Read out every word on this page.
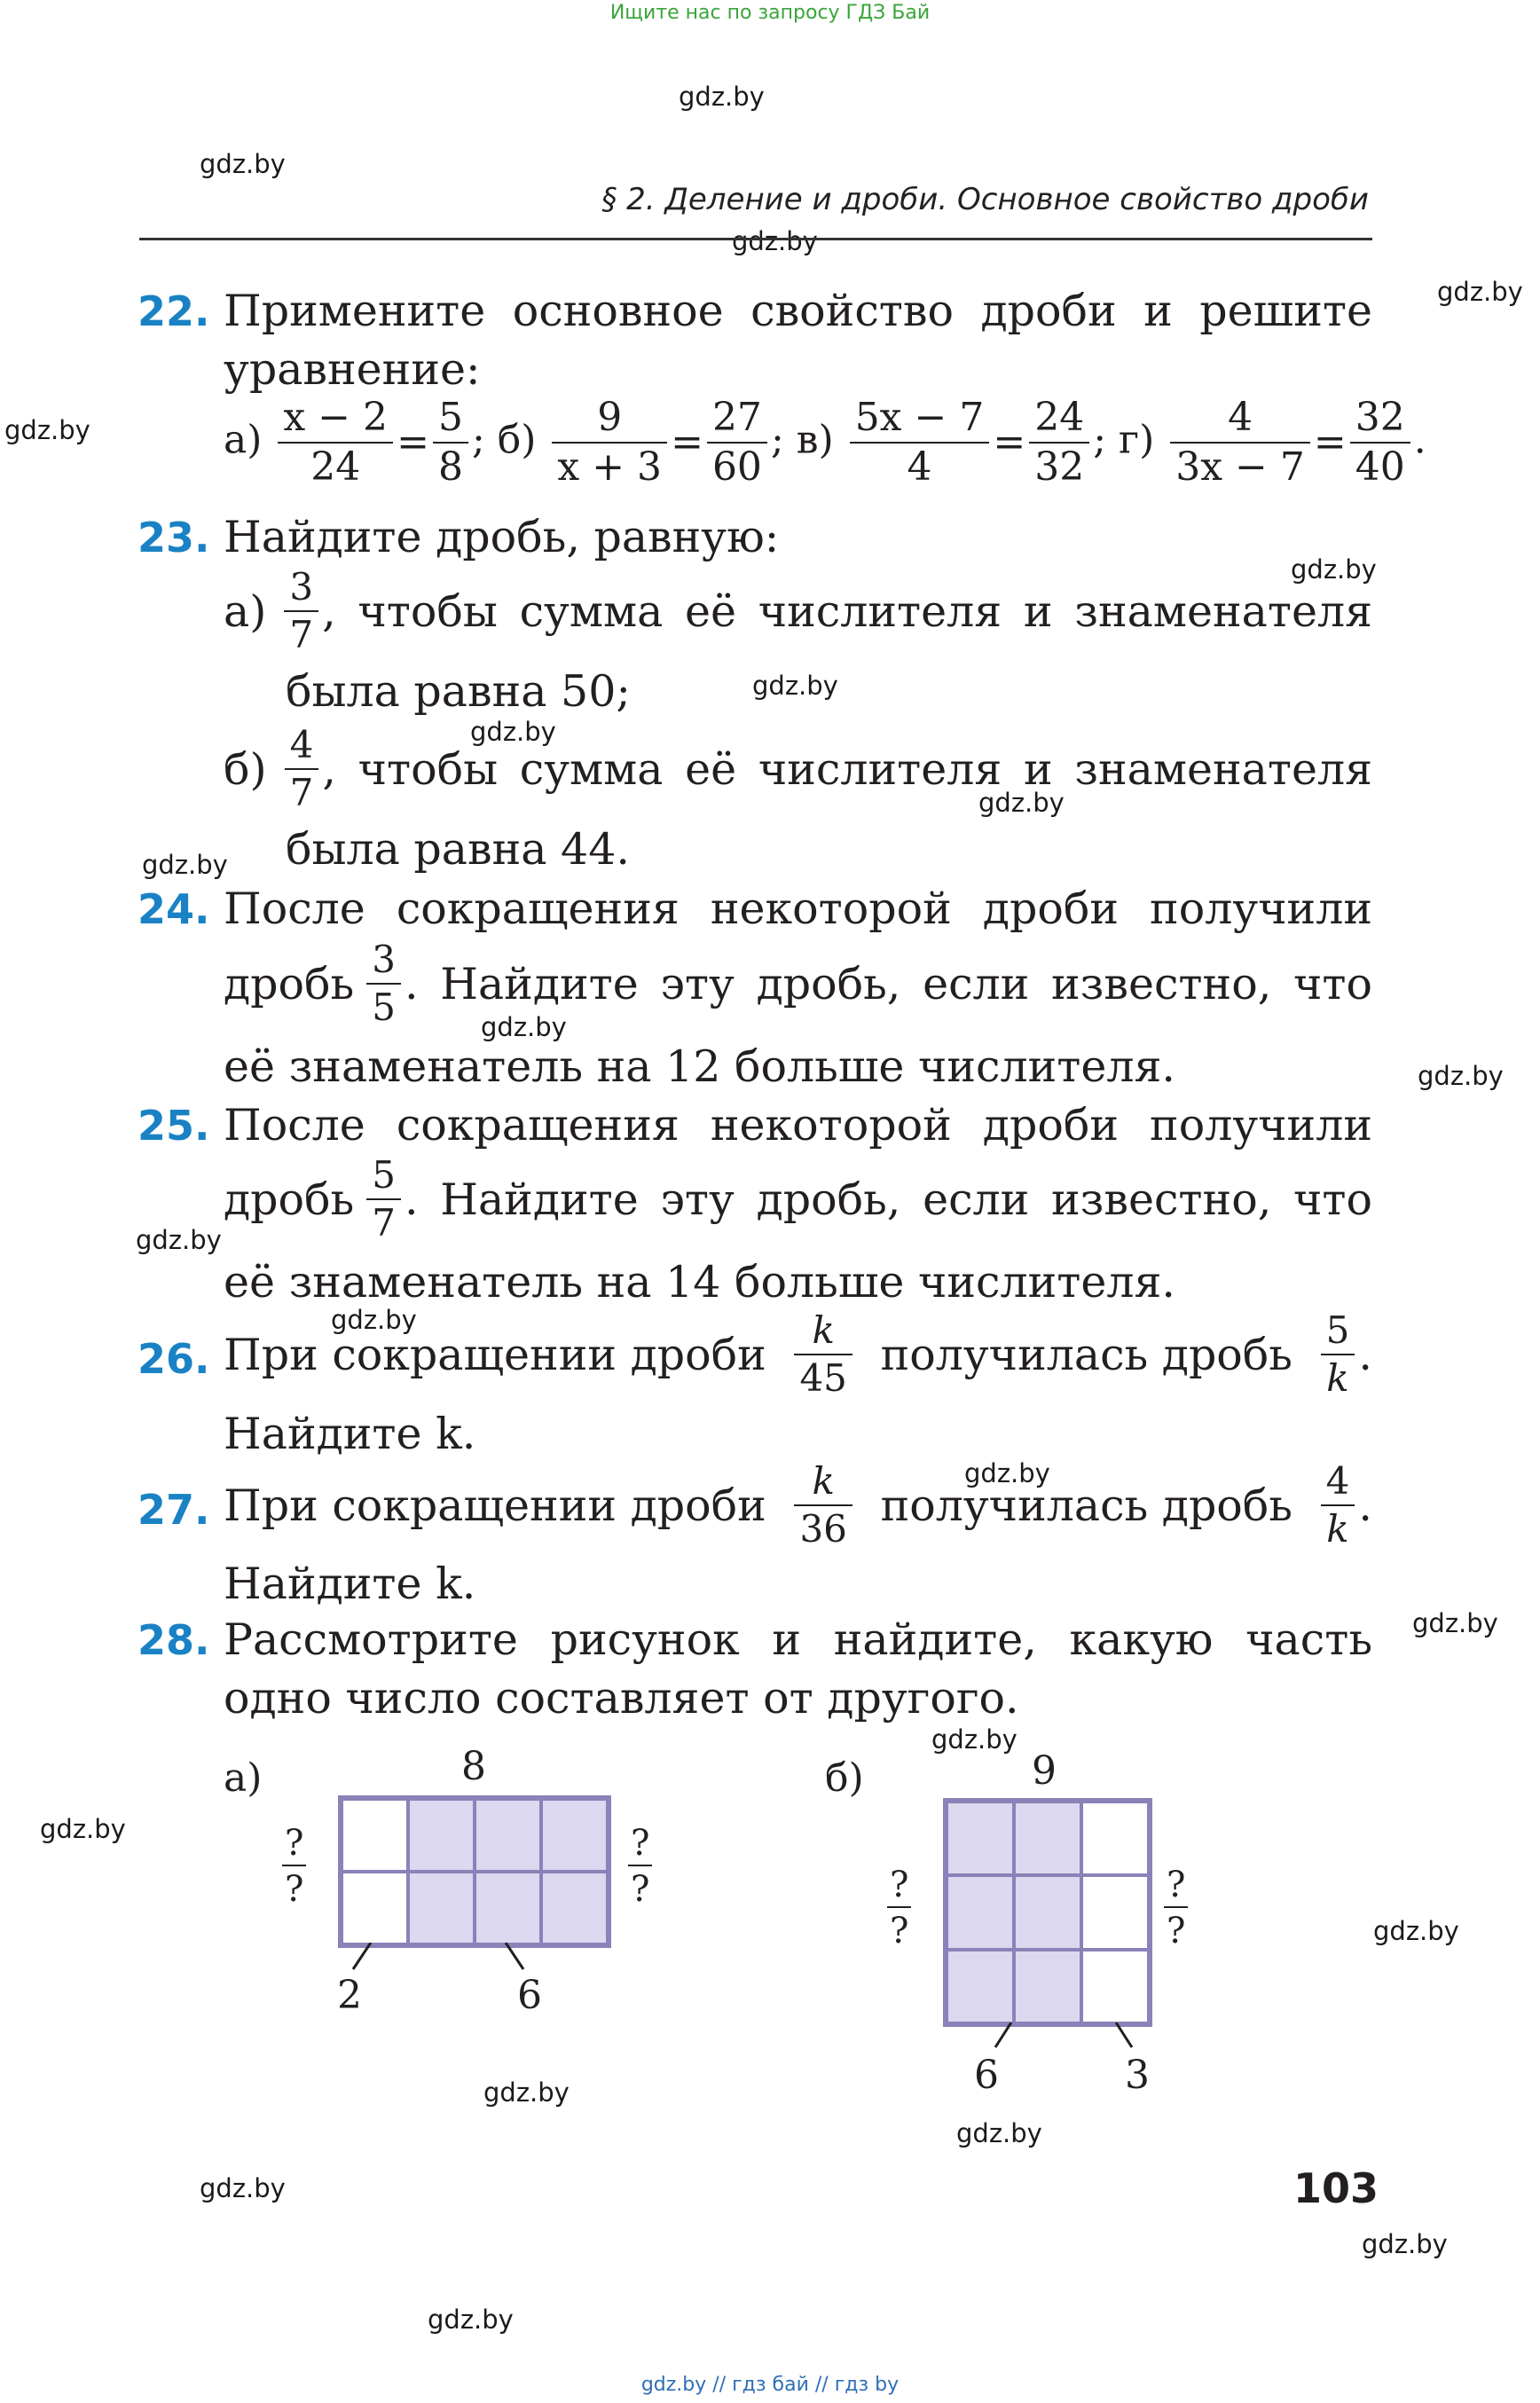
Ищите нас по запросу ГДЗ Бай
gdz.by
gdz.by
gdz.by
gdz.by
gdz.by
gdz.by
gdz.by
gdz.by
gdz.by
gdz.by
gdz.by
gdz.by
gdz.by
gdz.by
gdz.by
gdz.by
gdz.by
gdz.by
gdz.by
gdz.by
gdz.by
gdz.by
gdz.by
gdz.by
§ 2. Деление и дроби. Основное свойство дроби
22. Примените основное свойство дроби и решите
уравнение:
$а) \frac{x - 2}{24} = \frac{5}{8}$ ; $б) \frac{9}{x + 3} = \frac{27}{60}$ ; $в) \frac{5x - 7}{4} = \frac{24}{32}$ ; $г) \frac{4}{3x - 7} = \frac{32}{40}$ .
23. Найдите дробь, равную:
$а) \frac{3}{7}$ , чтобы сумма её числителя и знаменателя
была равна 50;
$б) \frac{4}{7}$ , чтобы сумма её числителя и знаменателя
была равна 44.
24. После сокращения некоторой дроби получили
дробь $\frac{3}{5}$ . Найдите эту дробь, если известно, что
её знаменатель на 12 больше числителя.
25. После сокращения некоторой дроби получили
дробь $\frac{5}{7}$ . Найдите эту дробь, если известно, что
её знаменатель на 14 больше числителя.
26. При сокращении дроби $\frac{k}{45}$ получилась дробь $\frac{5}{k}$ .
Найдите k.
27. При сокращении дроби $\frac{k}{36}$ получилась дробь $\frac{4}{k}$ .
Найдите k.
28. Рассмотрите рисунок и найдите, какую часть
одно число составляет от другого.
а)	8
?
?
?
?
2	6
б)	9
?
?
?
?
6	3
103
gdz.by // гдз бай // гдз by
